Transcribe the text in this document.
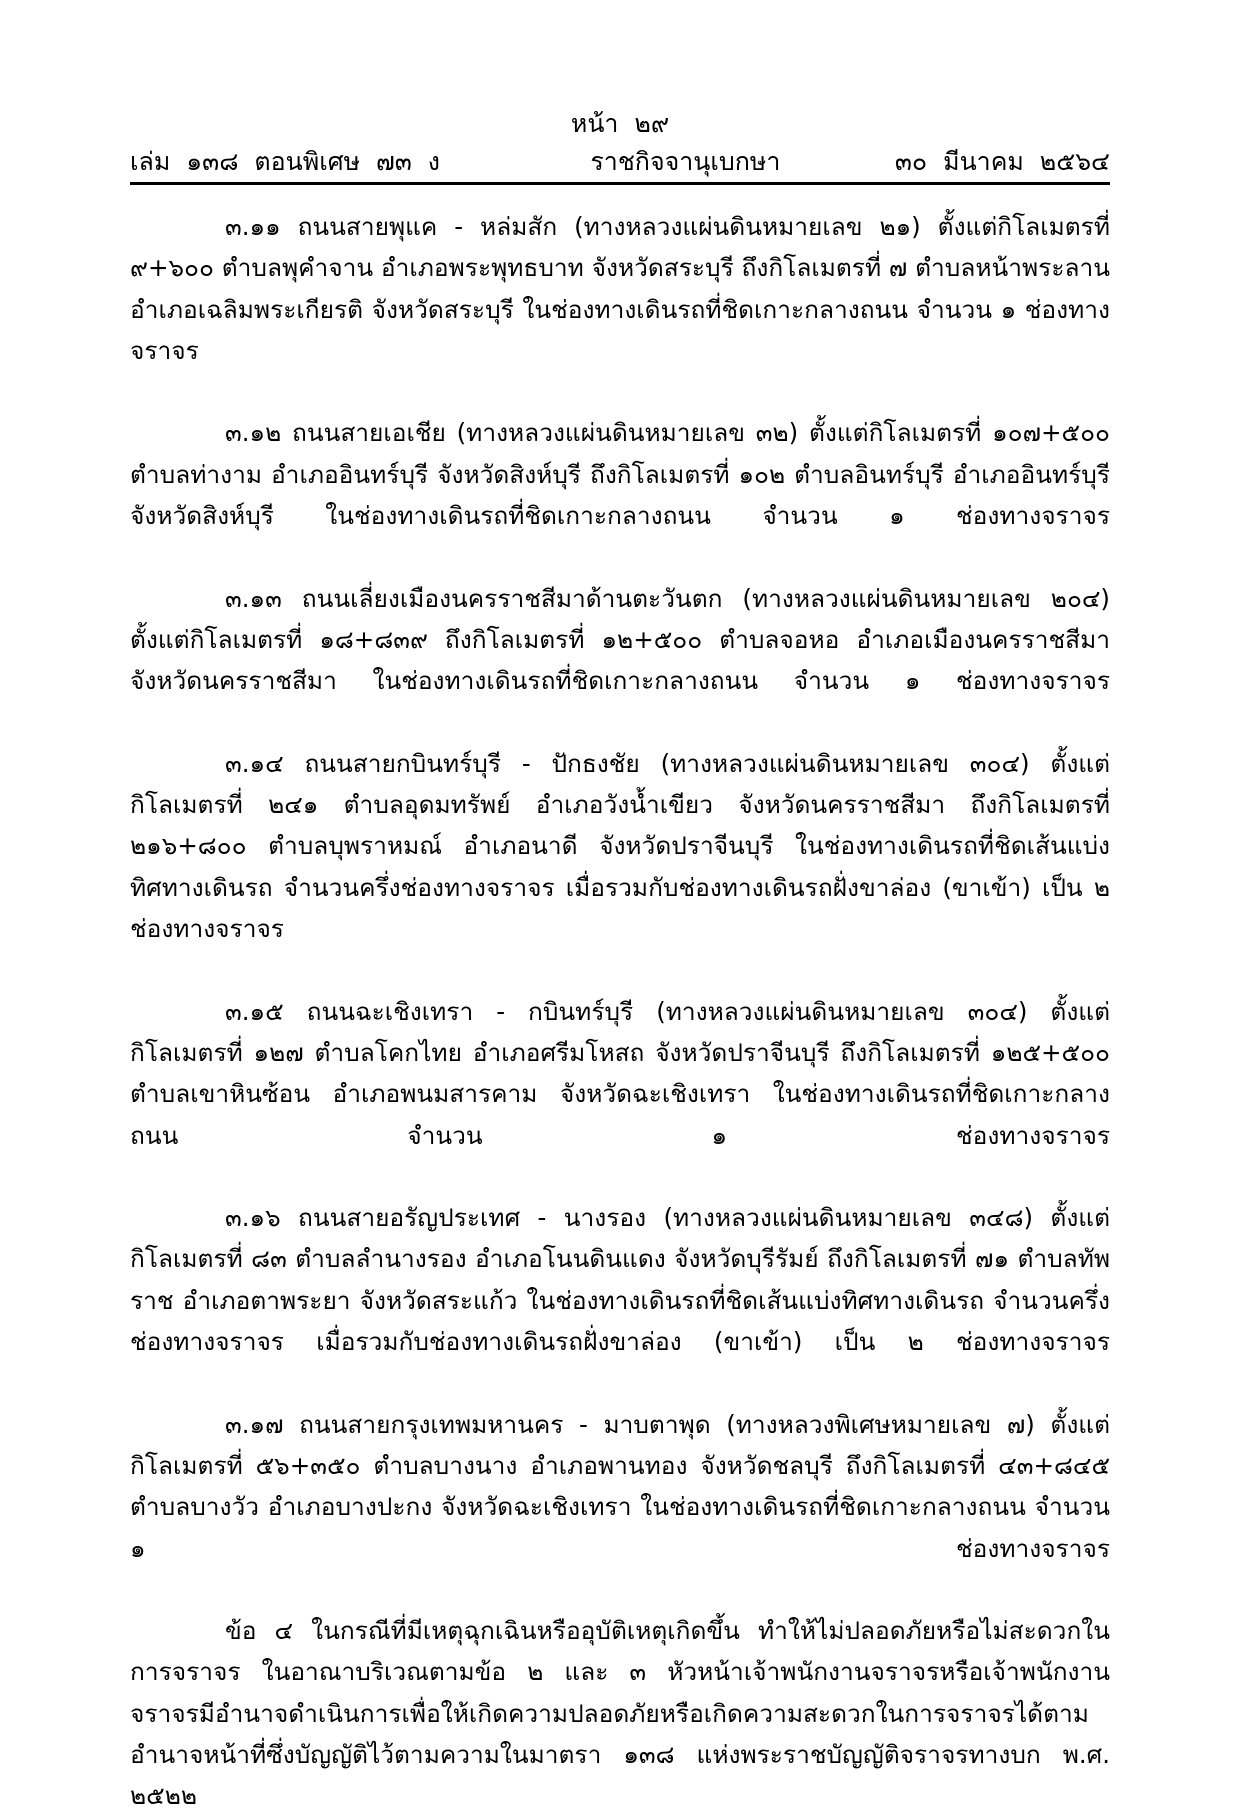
หน้า  ๒๙
เล่ม  ๑๓๘  ตอนพิเศษ  ๗๓  ง	ราชกิจจานุเบกษา	๓๐  มีนาคม  ๒๕๖๔

๓.๑๑ ถนนสายพุแค - หล่มสัก (ทางหลวงแผ่นดินหมายเลข ๒๑) ตั้งแต่กิโลเมตรที่ ๙+๖๐๐ ตำบลพุคำจาน อำเภอพระพุทธบาท จังหวัดสระบุรี ถึงกิโลเมตรที่ ๗ ตำบลหน้าพระลาน อำเภอเฉลิมพระเกียรติ จังหวัดสระบุรี ในช่องทางเดินรถที่ชิดเกาะกลางถนน จำนวน ๑ ช่องทางจราจร

๓.๑๒ ถนนสายเอเชีย (ทางหลวงแผ่นดินหมายเลข ๓๒) ตั้งแต่กิโลเมตรที่ ๑๐๗+๕๐๐ ตำบลท่างาม อำเภออินทร์บุรี จังหวัดสิงห์บุรี ถึงกิโลเมตรที่ ๑๐๒ ตำบลอินทร์บุรี อำเภออินทร์บุรี จังหวัดสิงห์บุรี ในช่องทางเดินรถที่ชิดเกาะกลางถนน จำนวน ๑ ช่องทางจราจร

๓.๑๓ ถนนเลี่ยงเมืองนครราชสีมาด้านตะวันตก (ทางหลวงแผ่นดินหมายเลข ๒๐๔) ตั้งแต่กิโลเมตรที่ ๑๘+๘๓๙ ถึงกิโลเมตรที่ ๑๒+๕๐๐ ตำบลจอหอ อำเภอเมืองนครราชสีมา จังหวัดนครราชสีมา ในช่องทางเดินรถที่ชิดเกาะกลางถนน จำนวน ๑ ช่องทางจราจร

๓.๑๔ ถนนสายกบินทร์บุรี - ปักธงชัย (ทางหลวงแผ่นดินหมายเลข ๓๐๔) ตั้งแต่กิโลเมตรที่ ๒๔๑ ตำบลอุดมทรัพย์ อำเภอวังน้ำเขียว จังหวัดนครราชสีมา ถึงกิโลเมตรที่ ๒๑๖+๘๐๐ ตำบลบุพราหมณ์ อำเภอนาดี จังหวัดปราจีนบุรี ในช่องทางเดินรถที่ชิดเส้นแบ่งทิศทางเดินรถ จำนวนครึ่งช่องทางจราจร เมื่อรวมกับช่องทางเดินรถฝั่งขาล่อง (ขาเข้า) เป็น ๒ ช่องทางจราจร

๓.๑๕ ถนนฉะเชิงเทรา - กบินทร์บุรี (ทางหลวงแผ่นดินหมายเลข ๓๐๔) ตั้งแต่กิโลเมตรที่ ๑๒๗ ตำบลโคกไทย อำเภอศรีมโหสถ จังหวัดปราจีนบุรี ถึงกิโลเมตรที่ ๑๒๕+๕๐๐ ตำบลเขาหินซ้อน อำเภอพนมสารคาม จังหวัดฉะเชิงเทรา ในช่องทางเดินรถที่ชิดเกาะกลางถนน จำนวน ๑ ช่องทางจราจร

๓.๑๖ ถนนสายอรัญประเทศ - นางรอง (ทางหลวงแผ่นดินหมายเลข ๓๔๘) ตั้งแต่กิโลเมตรที่ ๘๓ ตำบลลำนางรอง อำเภอโนนดินแดง จังหวัดบุรีรัมย์ ถึงกิโลเมตรที่ ๗๑ ตำบลทัพราช อำเภอตาพระยา จังหวัดสระแก้ว ในช่องทางเดินรถที่ชิดเส้นแบ่งทิศทางเดินรถ จำนวนครึ่งช่องทางจราจร เมื่อรวมกับช่องทางเดินรถฝั่งขาล่อง (ขาเข้า) เป็น ๒ ช่องทางจราจร

๓.๑๗ ถนนสายกรุงเทพมหานคร - มาบตาพุด (ทางหลวงพิเศษหมายเลข ๗) ตั้งแต่กิโลเมตรที่ ๕๖+๓๕๐ ตำบลบางนาง อำเภอพานทอง จังหวัดชลบุรี ถึงกิโลเมตรที่ ๔๓+๘๔๕ ตำบลบางวัว อำเภอบางปะกง จังหวัดฉะเชิงเทรา ในช่องทางเดินรถที่ชิดเกาะกลางถนน จำนวน ๑ ช่องทางจราจร

ข้อ ๔ ในกรณีที่มีเหตุฉุกเฉินหรืออุบัติเหตุเกิดขึ้น ทำให้ไม่ปลอดภัยหรือไม่สะดวกในการจราจร ในอาณาบริเวณตามข้อ ๒ และ ๓ หัวหน้าเจ้าพนักงานจราจรหรือเจ้าพนักงานจราจรมีอำนาจดำเนินการเพื่อให้เกิดความปลอดภัยหรือเกิดความสะดวกในการจราจรได้ตามอำนาจหน้าที่ซึ่งบัญญัติไว้ตามความในมาตรา ๑๓๘ แห่งพระราชบัญญัติจราจรทางบก พ.ศ. ๒๕๒๒
